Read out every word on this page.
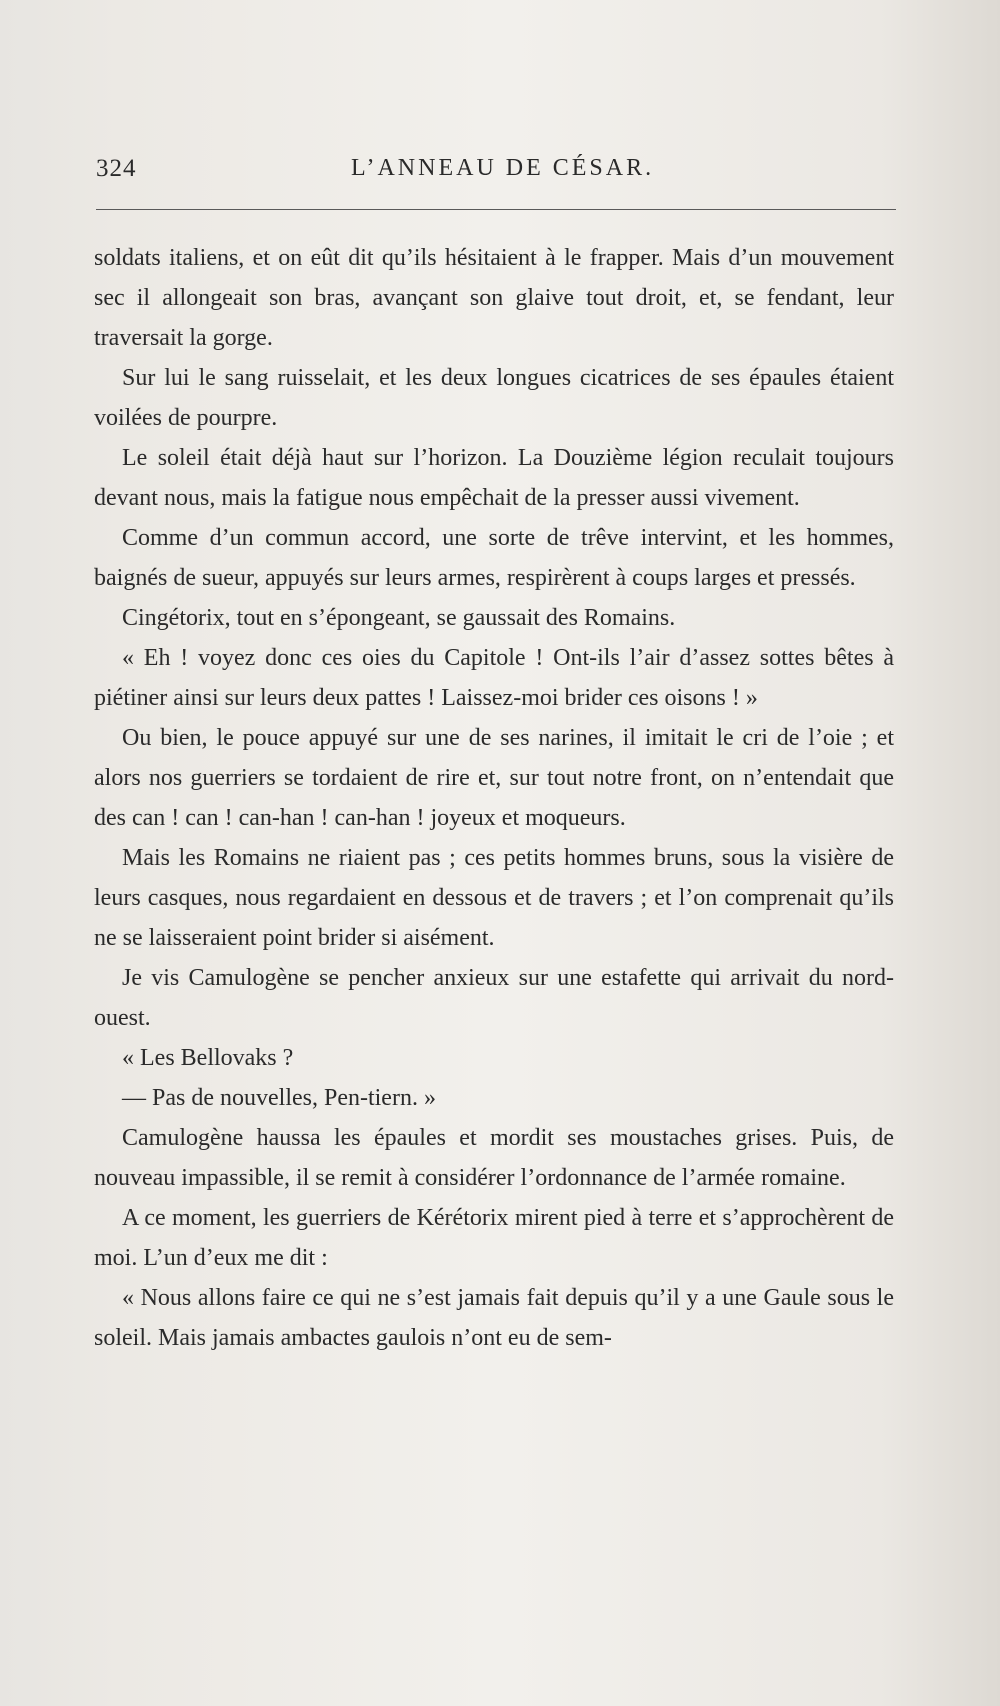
324	L’ANNEAU DE CÉSAR.

soldats italiens, et on eût dit qu’ils hésitaient à le frapper. Mais d’un mouvement sec il allongeait son bras, avançant son glaive tout droit, et, se fendant, leur traversait la gorge.

Sur lui le sang ruisselait, et les deux longues cicatrices de ses épaules étaient voilées de pourpre.

Le soleil était déjà haut sur l’horizon. La Douzième légion reculait toujours devant nous, mais la fatigue nous empêchait de la presser aussi vivement.

Comme d’un commun accord, une sorte de trêve intervint, et les hommes, baignés de sueur, appuyés sur leurs armes, respirèrent à coups larges et pressés.

Cingétorix, tout en s’épongeant, se gaussait des Romains.

« Eh ! voyez donc ces oies du Capitole ! Ont-ils l’air d’assez sottes bêtes à piétiner ainsi sur leurs deux pattes ! Laissez-moi brider ces oisons ! »

Ou bien, le pouce appuyé sur une de ses narines, il imitait le cri de l’oie ; et alors nos guerriers se tordaient de rire et, sur tout notre front, on n’entendait que des can ! can ! can-han ! can-han ! joyeux et moqueurs.

Mais les Romains ne riaient pas ; ces petits hommes bruns, sous la visière de leurs casques, nous regardaient en dessous et de travers ; et l’on comprenait qu’ils ne se laisseraient point brider si aisément.

Je vis Camulogène se pencher anxieux sur une estafette qui arrivait du nord-ouest.

« Les Bellovaks ?

— Pas de nouvelles, Pen-tiern. »

Camulogène haussa les épaules et mordit ses moustaches grises. Puis, de nouveau impassible, il se remit à considérer l’ordonnance de l’armée romaine.

A ce moment, les guerriers de Kérétorix mirent pied à terre et s’approchèrent de moi. L’un d’eux me dit :

« Nous allons faire ce qui ne s’est jamais fait depuis qu’il y a une Gaule sous le soleil. Mais jamais ambactes gaulois n’ont eu de sem-
